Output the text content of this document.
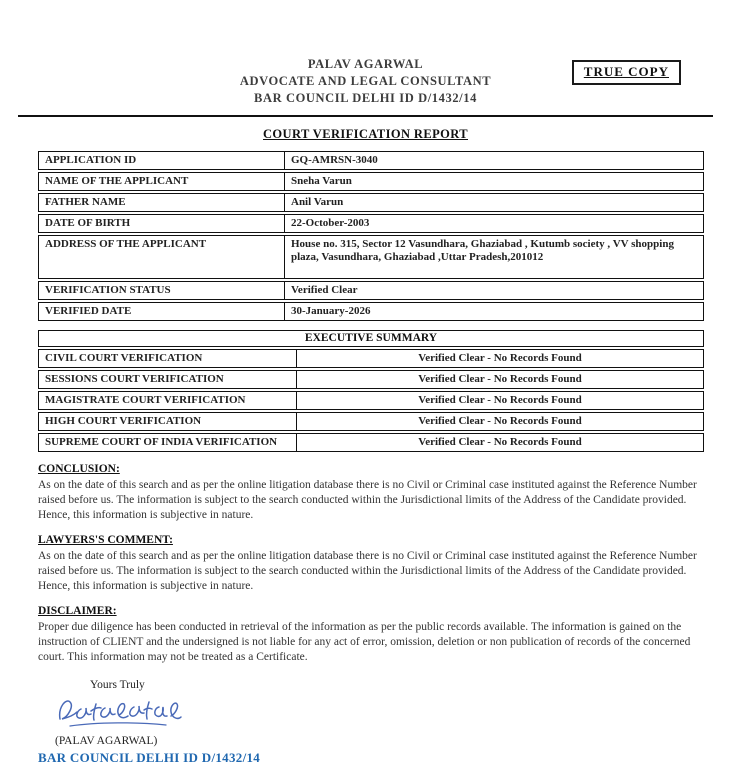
TRUE COPY
PALAV AGARWAL
ADVOCATE AND LEGAL CONSULTANT
BAR COUNCIL DELHI ID D/1432/14
COURT VERIFICATION REPORT
APPLICATION ID	GQ-AMRSN-3040
NAME OF THE APPLICANT	Sneha Varun
FATHER NAME	Anil Varun
DATE OF BIRTH	22-October-2003
ADDRESS OF THE APPLICANT	House no. 315, Sector 12 Vasundhara, Ghaziabad , Kutumb society , VV shopping plaza, Vasundhara, Ghaziabad ,Uttar Pradesh,201012
VERIFICATION STATUS	Verified Clear
VERIFIED DATE	30-January-2026
EXECUTIVE SUMMARY
CIVIL COURT VERIFICATION	Verified Clear - No Records Found
SESSIONS COURT VERIFICATION	Verified Clear - No Records Found
MAGISTRATE COURT VERIFICATION	Verified Clear - No Records Found
HIGH COURT VERIFICATION	Verified Clear - No Records Found
SUPREME COURT OF INDIA VERIFICATION	Verified Clear - No Records Found
CONCLUSION:

As on the date of this search and as per the online litigation database there is no Civil or Criminal case instituted against the Reference Number raised before us. The information is subject to the search conducted within the Jurisdictional limits of the Address of the Candidate provided. Hence, this information is subjective in nature.

LAWYERS'S COMMENT:

As on the date of this search and as per the online litigation database there is no Civil or Criminal case instituted against the Reference Number raised before us. The information is subject to the search conducted within the Jurisdictional limits of the Address of the Candidate provided. Hence, this information is subjective in nature.

DISCLAIMER:

Proper due diligence has been conducted in retrieval of the information as per the public records available. The information is gained on the instruction of CLIENT and the undersigned is not liable for any act of error, omission, deletion or non publication of records of the concerned court. This information may not be treated as a Certificate.

Yours Truly
(PALAV AGARWAL)
BAR COUNCIL DELHI ID D/1432/14
